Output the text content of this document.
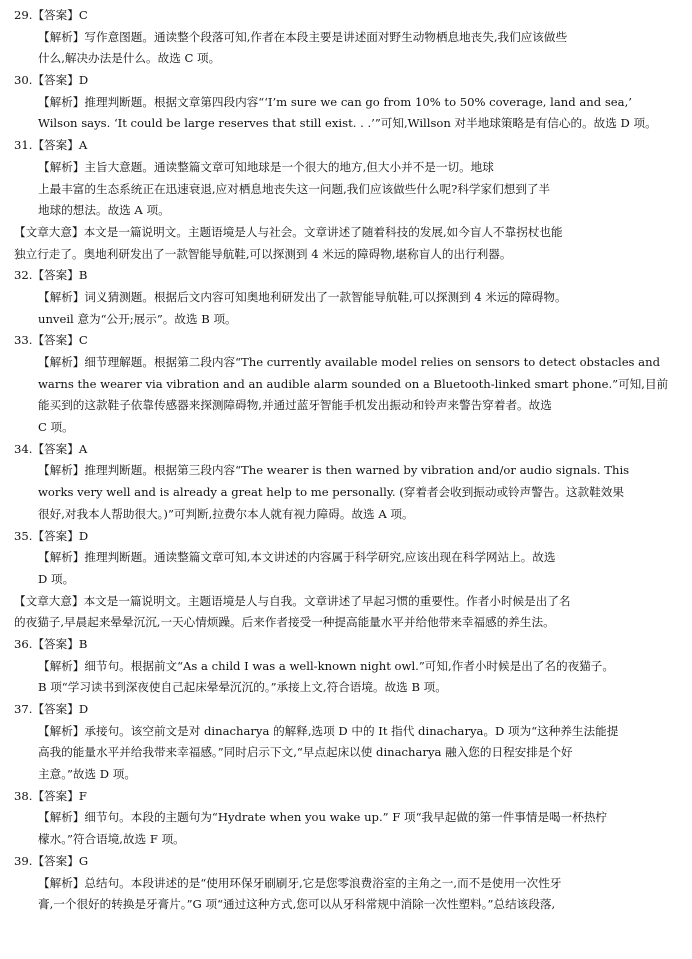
29.【答案】C
【解析】写作意图题。通读整个段落可知,作者在本段主要是讲述面对野生动物栖息地丧失,我们应该做些
什么,解决办法是什么。故选 C 项。
30.【答案】D
【解析】推理判断题。根据文章第四段内容“‘I’m sure we can go from 10% to 50% coverage, land and sea,’
Wilson says. ‘It could be large reserves that still exist. . .’”可知,Willson 对半地球策略是有信心的。故选 D 项。
31.【答案】A
【解析】主旨大意题。通读整篇文章可知地球是一个很大的地方,但大小并不是一切。地球
上最丰富的生态系统正在迅速衰退,应对栖息地丧失这一问题,我们应该做些什么呢?科学家们想到了半
地球的想法。故选 A 项。
【文章大意】本文是一篇说明文。主题语境是人与社会。文章讲述了随着科技的发展,如今盲人不靠拐杖也能
独立行走了。奥地利研发出了一款智能导航鞋,可以探测到 4 米远的障碍物,堪称盲人的出行利器。
32.【答案】B
【解析】词义猜测题。根据后文内容可知奥地利研发出了一款智能导航鞋,可以探测到 4 米远的障碍物。
unveil 意为“公开;展示”。故选 B 项。
33.【答案】C
【解析】细节理解题。根据第二段内容“The currently available model relies on sensors to detect obstacles and
warns the wearer via vibration and an audible alarm sounded on a Bluetooth-linked smart phone.”可知,目前
能买到的这款鞋子依靠传感器来探测障碍物,并通过蓝牙智能手机发出振动和铃声来警告穿着者。故选
C 项。
34.【答案】A
【解析】推理判断题。根据第三段内容“The wearer is then warned by vibration and/or audio signals. This
works very well and is already a great help to me personally. (穿着者会收到振动或铃声警告。这款鞋效果
很好,对我本人帮助很大。)”可判断,拉费尔本人就有视力障碍。故选 A 项。
35.【答案】D
【解析】推理判断题。通读整篇文章可知,本文讲述的内容属于科学研究,应该出现在科学网站上。故选
D 项。
【文章大意】本文是一篇说明文。主题语境是人与自我。文章讲述了早起习惯的重要性。作者小时候是出了名
的夜猫子,早晨起来晕晕沉沉,一天心情烦躁。后来作者接受一种提高能量水平并给他带来幸福感的养生法。
36.【答案】B
【解析】细节句。根据前文“As a child I was a well-known night owl.”可知,作者小时候是出了名的夜猫子。
B 项“学习读书到深夜使自己起床晕晕沉沉的。”承接上文,符合语境。故选 B 项。
37.【答案】D
【解析】承接句。该空前文是对 dinacharya 的解释,选项 D 中的 It 指代 dinacharya。D 项为“这种养生法能提
高我的能量水平并给我带来幸福感。”同时启示下文,“早点起床以使 dinacharya 融入您的日程安排是个好
主意。”故选 D 项。
38.【答案】F
【解析】细节句。本段的主题句为“Hydrate when you wake up.” F 项“我早起做的第一件事情是喝一杯热柠
檬水。”符合语境,故选 F 项。
39.【答案】G
【解析】总结句。本段讲述的是“使用环保牙刷刷牙,它是您零浪费浴室的主角之一,而不是使用一次性牙
膏,一个很好的转换是牙膏片。”G 项“通过这种方式,您可以从牙科常规中消除一次性塑料。”总结该段落,
